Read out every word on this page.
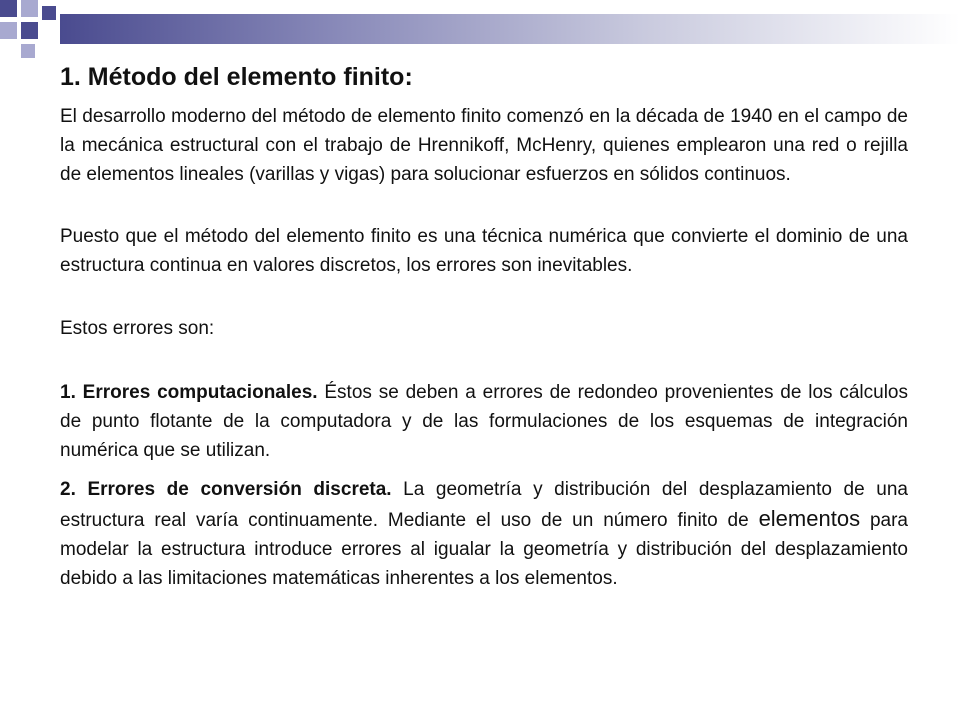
1. Método del elemento finito:

El desarrollo moderno del método de elemento finito comenzó en la década de 1940 en el campo de la mecánica estructural con el trabajo de Hrennikoff, McHenry, quienes emplearon una red o rejilla de elementos lineales (varillas y vigas) para solucionar esfuerzos en sólidos continuos.

Puesto que el método del elemento finito es una técnica numérica que convierte el dominio de una estructura continua en valores discretos, los errores son inevitables.

Estos errores son:

1. Errores computacionales. Éstos se deben a errores de redondeo provenientes de los cálculos de punto flotante de la computadora y de las formulaciones de los esquemas de integración numérica que se utilizan.

2. Errores de conversión discreta. La geometría y distribución del desplazamiento de una estructura real varía continuamente. Mediante el uso de un número finito de elementos para modelar la estructura introduce errores al igualar la geometría y distribución del desplazamiento debido a las limitaciones matemáticas inherentes a los elementos.
